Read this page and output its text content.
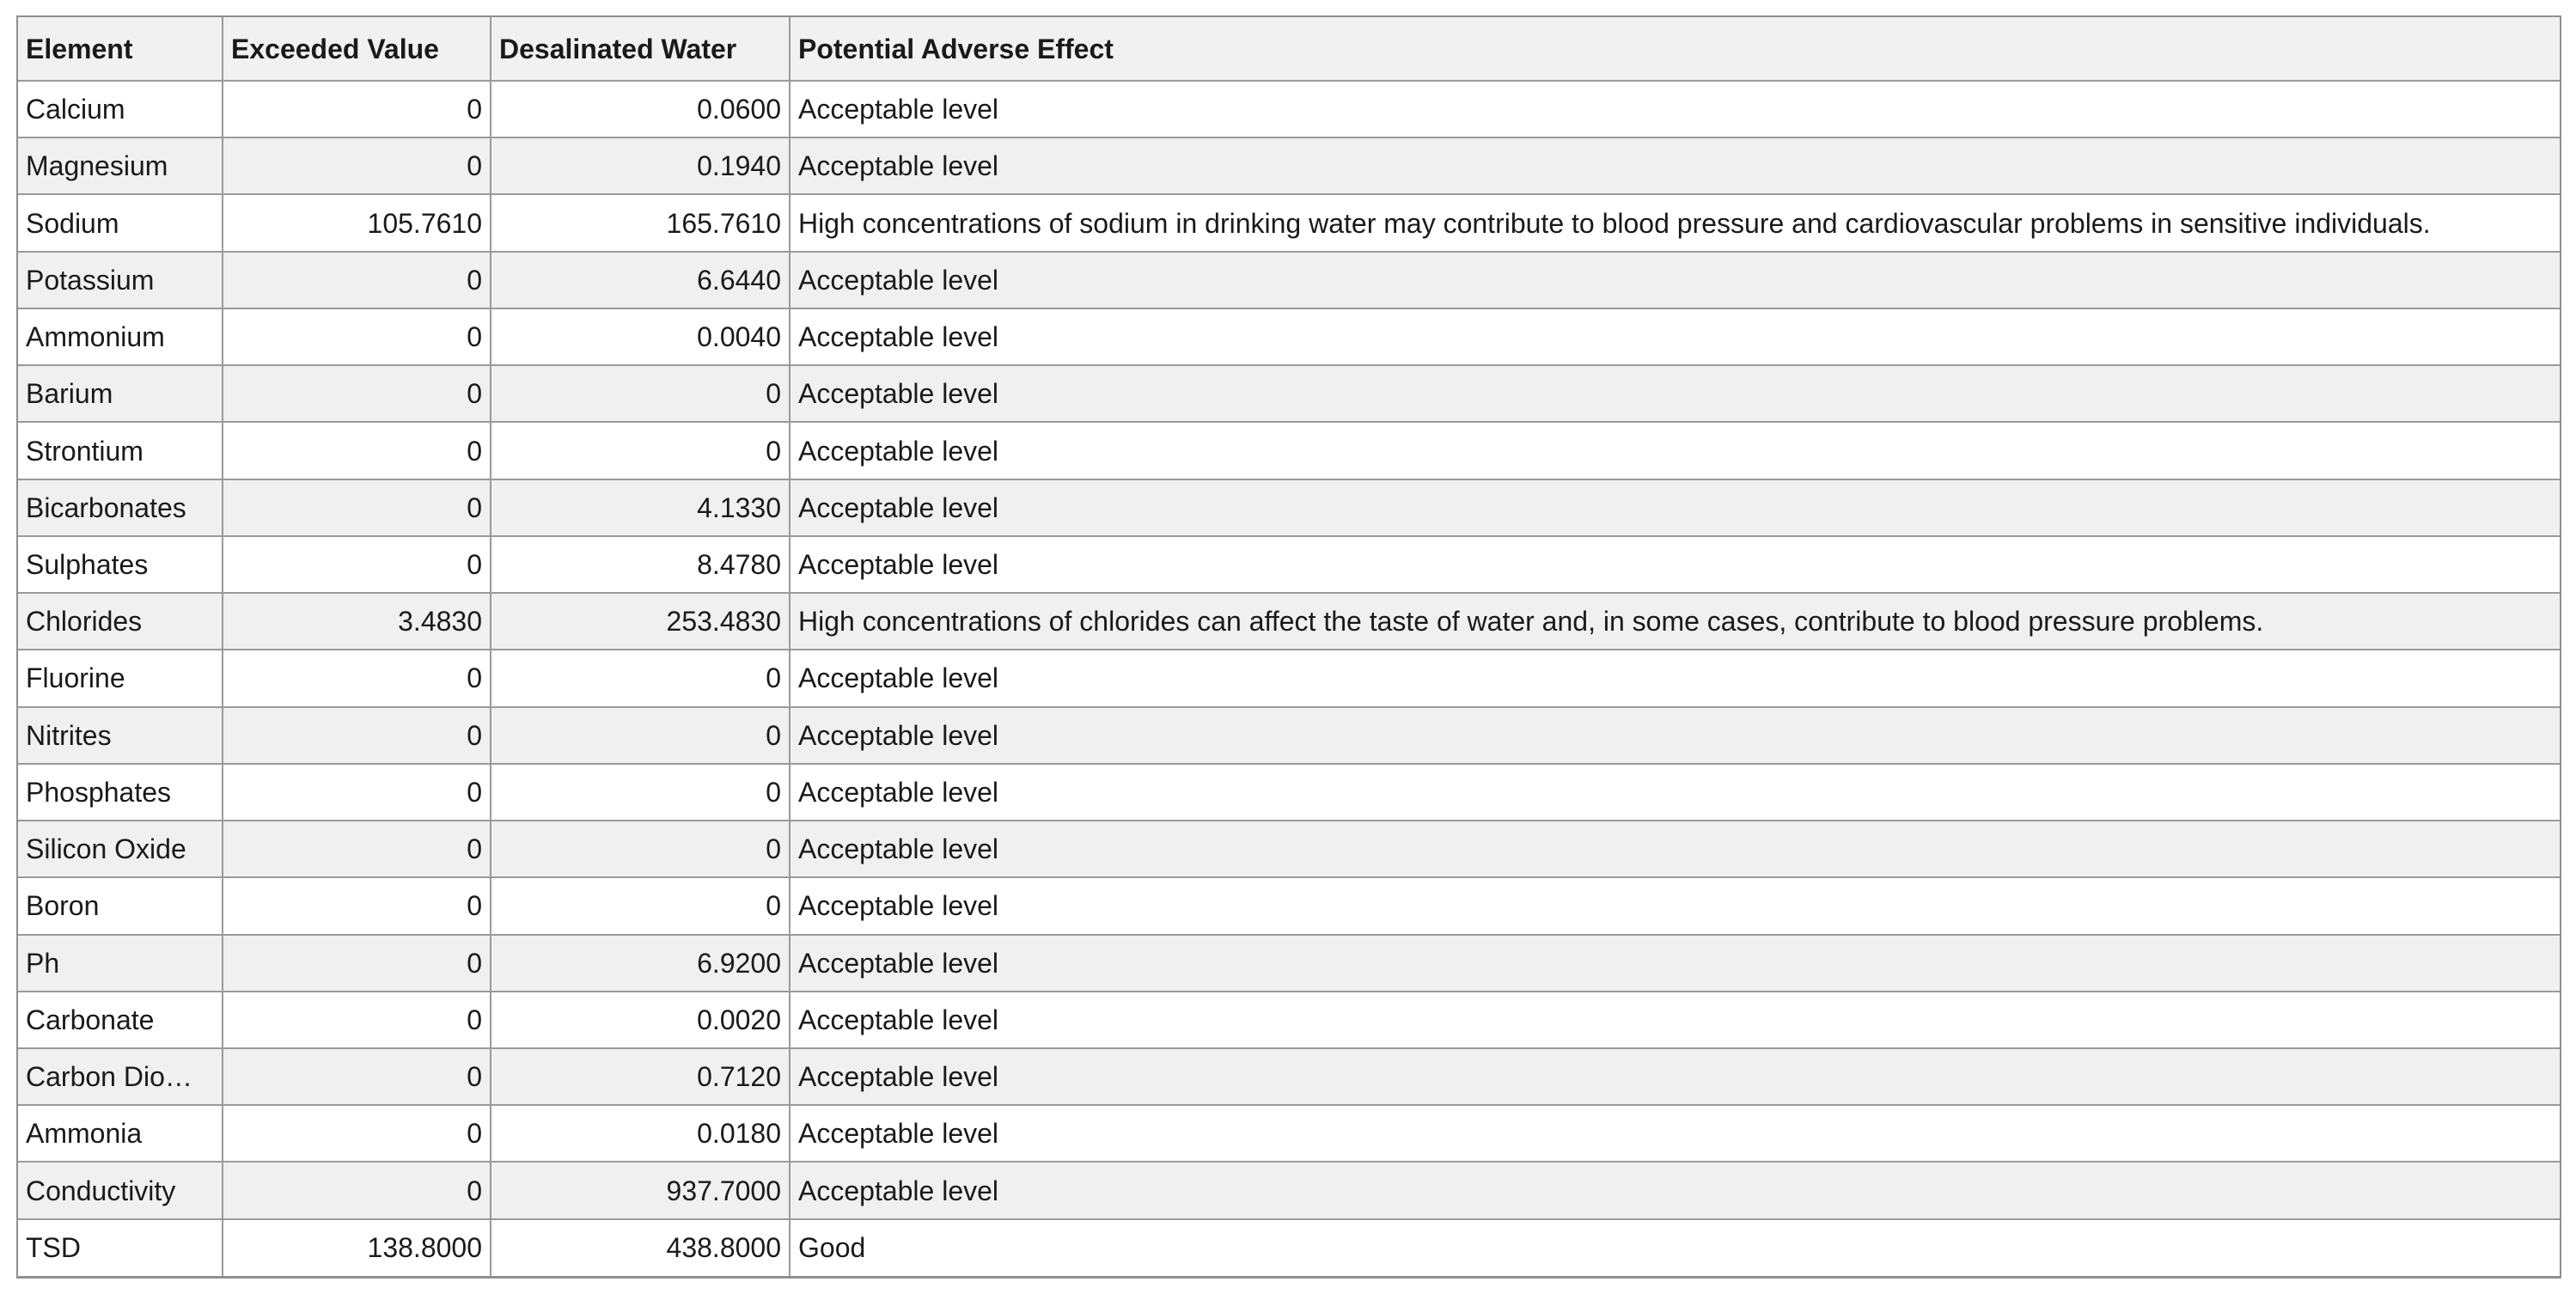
Element	Exceeded Value	Desalinated Water	Potential Adverse Effect
Calcium	0	0.0600	Acceptable level
Magnesium	0	0.1940	Acceptable level
Sodium	105.7610	165.7610	High concentrations of sodium in drinking water may contribute to blood pressure and cardiovascular problems in sensitive individuals.
Potassium	0	6.6440	Acceptable level
Ammonium	0	0.0040	Acceptable level
Barium	0	0	Acceptable level
Strontium	0	0	Acceptable level
Bicarbonates	0	4.1330	Acceptable level
Sulphates	0	8.4780	Acceptable level
Chlorides	3.4830	253.4830	High concentrations of chlorides can affect the taste of water and, in some cases, contribute to blood pressure problems.
Fluorine	0	0	Acceptable level
Nitrites	0	0	Acceptable level
Phosphates	0	0	Acceptable level
Silicon Oxide	0	0	Acceptable level
Boron	0	0	Acceptable level
Ph	0	6.9200	Acceptable level
Carbonate	0	0.0020	Acceptable level
Carbon Dio…	0	0.7120	Acceptable level
Ammonia	0	0.0180	Acceptable level
Conductivity	0	937.7000	Acceptable level
TSD	138.8000	438.8000	Good
